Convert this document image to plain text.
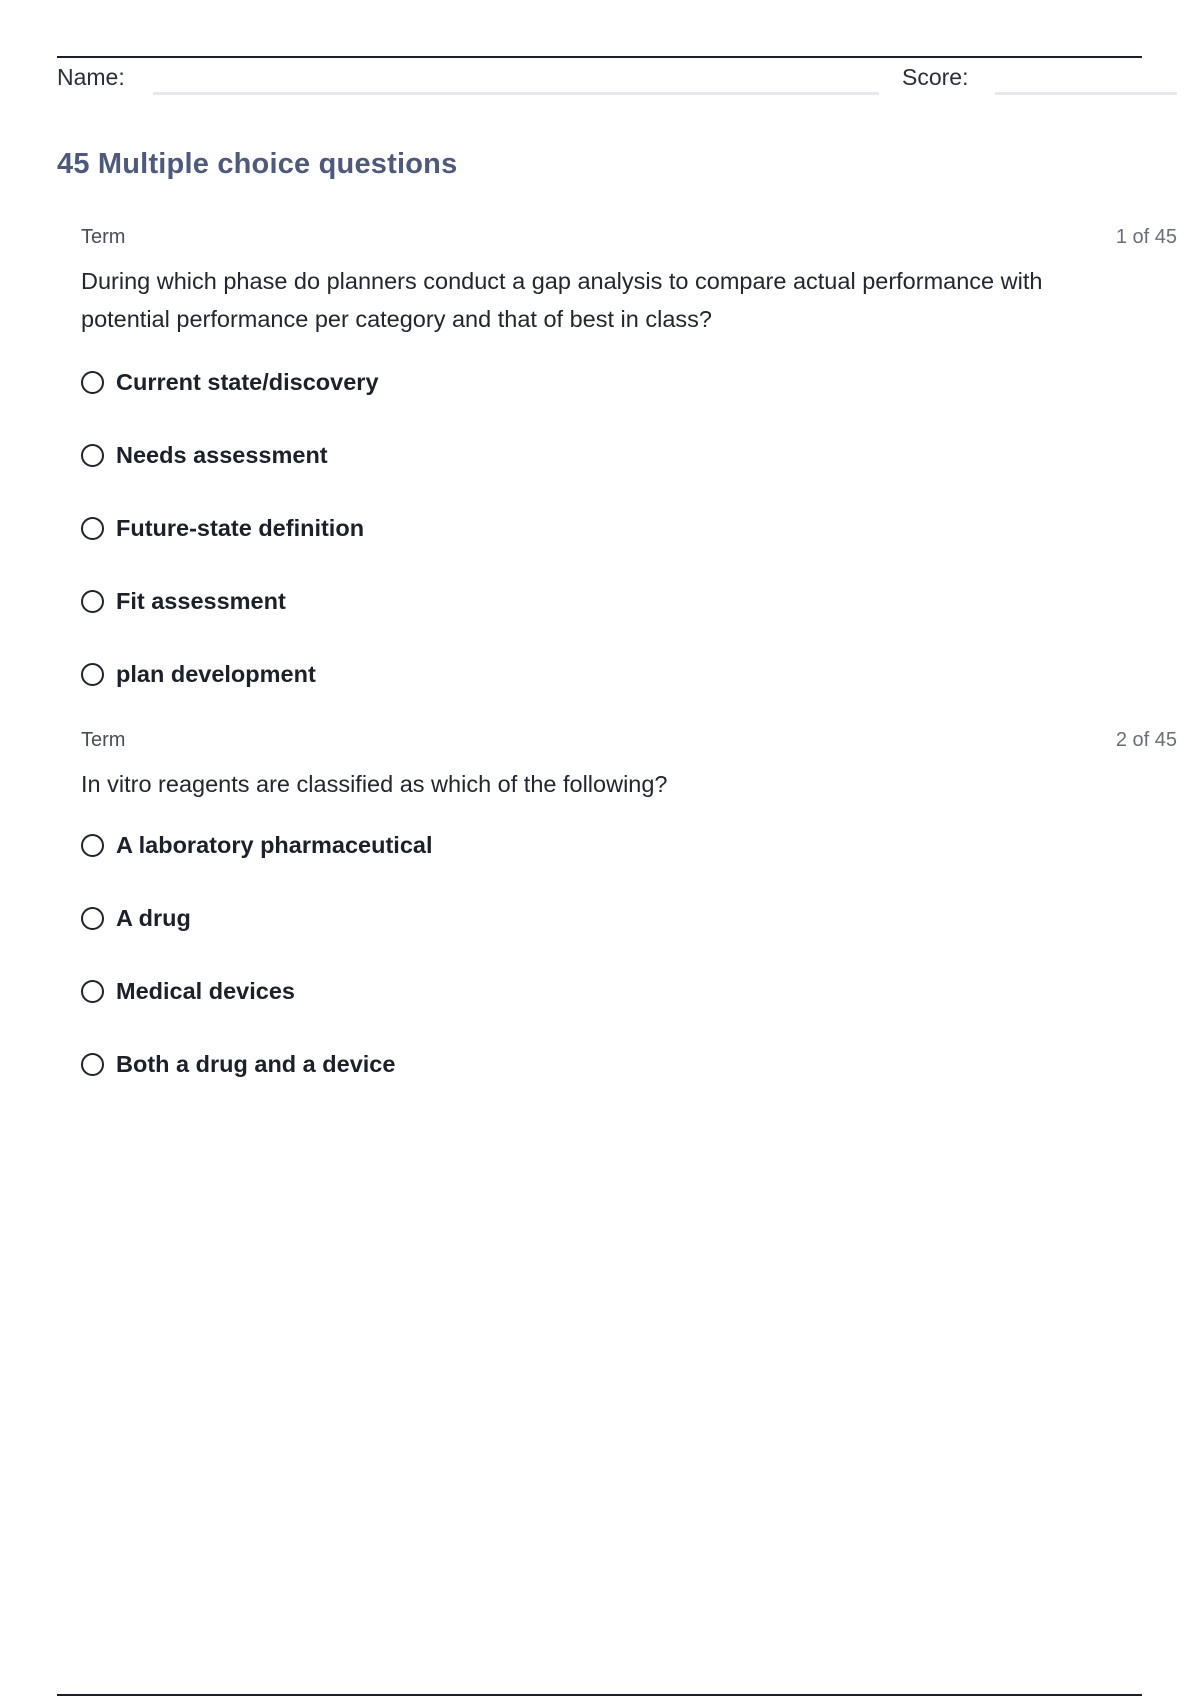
Name:	Score:
45 Multiple choice questions
Term	1 of 45

During which phase do planners conduct a gap analysis to compare actual performance with potential performance per category and that of best in class?

Current state/discovery
Needs assessment
Future-state definition
Fit assessment
plan development
Term	2 of 45

In vitro reagents are classified as which of the following?

A laboratory pharmaceutical
A drug
Medical devices
Both a drug and a device
